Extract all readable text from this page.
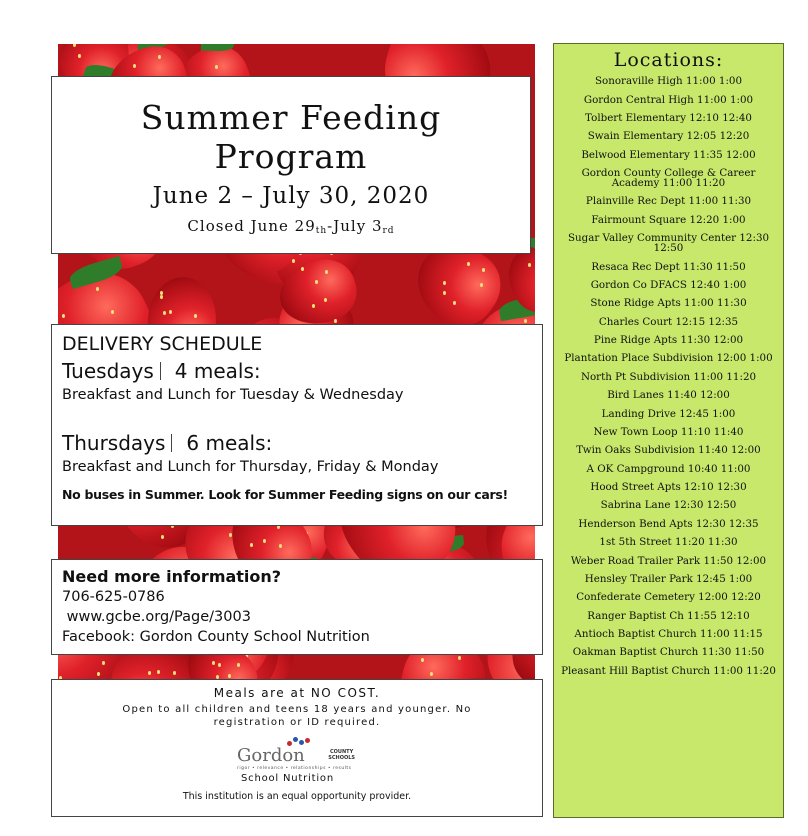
Summer Feeding
Program
June 2 – July 30, 2020
Closed June $29_{th}$-July $3_{rd}$
DELIVERY SCHEDULE
Tuesdays 4 meals:
Breakfast and Lunch for Tuesday & Wednesday
Thursdays 6 meals:
Breakfast and Lunch for Thursday, Friday & Monday
No buses in Summer. Look for Summer Feeding signs on our cars!
Need more information?
706-625-0786
www.gcbe.org/Page/3003
Facebook: Gordon County School Nutrition
Meals are at NO COST.
Open to all children and teens 18 years and younger. No registration or ID required.
Gordon	COUNTY
SCHOOLS
rigor • relevance • relationships • results
School Nutrition
This institution is an equal opportunity provider.
Locations:
Sonoraville High 11:00 1:00
Gordon Central High 11:00 1:00
Tolbert Elementary 12:10 12:40
Swain Elementary 12:05 12:20
Belwood Elementary 11:35 12:00
Gordon County College & Career Academy 11:00 11:20
Plainville Rec Dept 11:00 11:30
Fairmount Square 12:20 1:00
Sugar Valley Community Center 12:30 12:50
Resaca Rec Dept 11:30 11:50
Gordon Co DFACS 12:40 1:00
Stone Ridge Apts 11:00 11:30
Charles Court 12:15 12:35
Pine Ridge Apts 11:30 12:00
Plantation Place Subdivision 12:00 1:00
North Pt Subdivision 11:00 11:20
Bird Lanes 11:40 12:00
Landing Drive 12:45 1:00
New Town Loop 11:10 11:40
Twin Oaks Subdivision 11:40 12:00
A OK Campground 10:40 11:00
Hood Street Apts 12:10 12:30
Sabrina Lane 12:30 12:50
Henderson Bend Apts 12:30 12:35
1st 5th Street 11:20 11:30
Weber Road Trailer Park 11:50 12:00
Hensley Trailer Park 12:45 1:00
Confederate Cemetery 12:00 12:20
Ranger Baptist Ch 11:55 12:10
Antioch Baptist Church 11:00 11:15
Oakman Baptist Church 11:30 11:50
Pleasant Hill Baptist Church 11:00 11:20
